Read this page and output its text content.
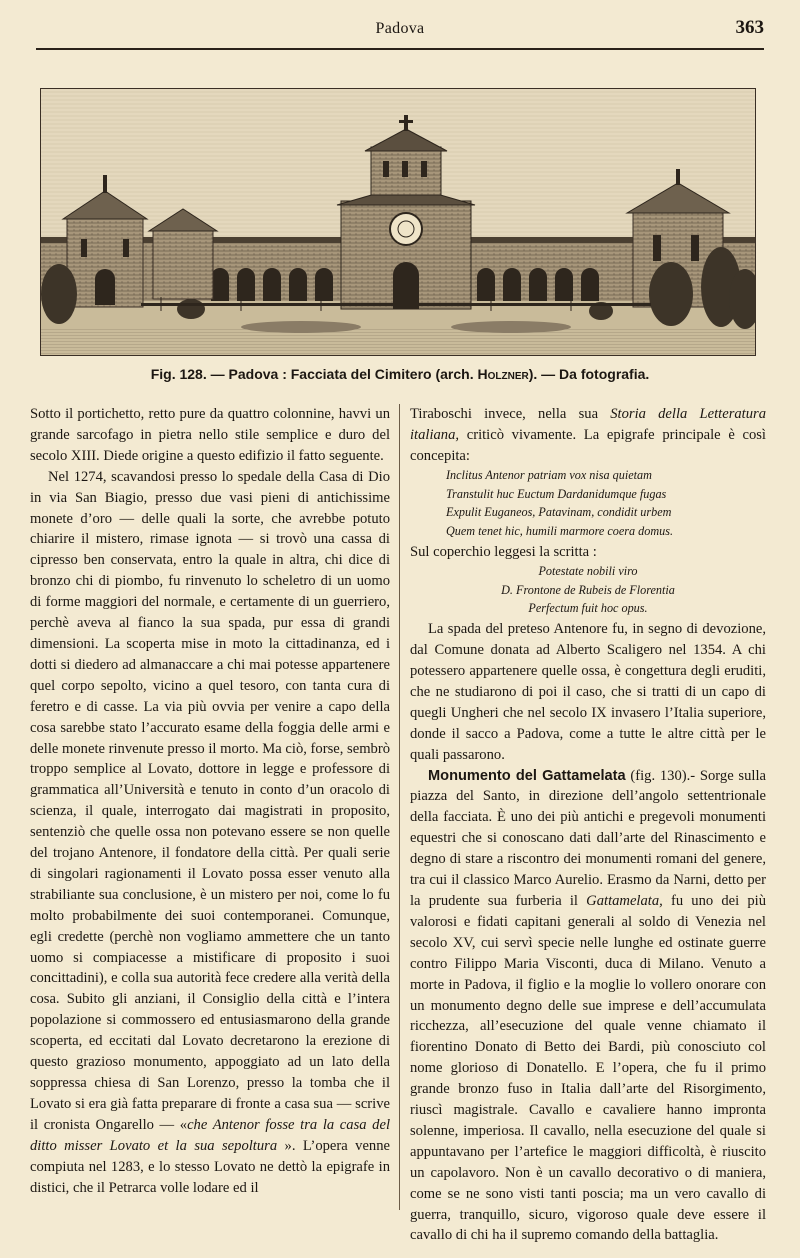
Padova	363
Fig. 128. — Padova : Facciata del Cimitero (arch. Holzner). — Da fotografia.

Sotto il portichetto, retto pure da quattro colonnine, havvi un grande sarcofago in pietra nello stile semplice e duro del secolo XIII. Diede origine a questo edifizio il fatto seguente.

Nel 1274, scavandosi presso lo spedale della Casa di Dio in via San Biagio, presso due vasi pieni di antichissime monete d’oro — delle quali la sorte, che avrebbe potuto chiarire il mistero, rimase ignota — si trovò una cassa di cipresso ben conservata, entro la quale in altra, chi dice di bronzo chi di piombo, fu rinvenuto lo scheletro di un uomo di forme maggiori del normale, e certamente di un guerriero, perchè aveva al fianco la sua spada, pur essa di grandi dimensioni. La scoperta mise in moto la cittadinanza, ed i dotti si diedero ad almanaccare a chi mai potesse appartenere quel corpo sepolto, vicino a quel tesoro, con tanta cura di feretro e di casse. La via più ovvia per venire a capo della cosa sarebbe stato l’accurato esame della foggia delle armi e delle monete rinvenute presso il morto. Ma ciò, forse, sembrò troppo semplice al Lovato, dottore in legge e professore di grammatica all’Università e tenuto in conto d’un oracolo di scienza, il quale, interrogato dai magistrati in proposito, sentenziò che quelle ossa non potevano essere se non quelle del trojano Antenore, il fondatore della città. Per quali serie di singolari ragionamenti il Lovato possa esser venuto alla strabiliante sua conclusione, è un mistero per noi, come lo fu molto probabilmente dei suoi contemporanei. Comunque, egli credette (perchè non vogliamo ammettere che un tanto uomo si compiacesse a mistificare di proposito i suoi concittadini), e colla sua autorità fece credere alla verità della cosa. Subito gli anziani, il Consiglio della città e l’intera popolazione si commossero ed entusiasmarono della grande scoperta, ed eccitati dal Lovato decretarono la erezione di questo grazioso monumento, appoggiato ad un lato della soppressa chiesa di San Lorenzo, presso la tomba che il Lovato si era già fatta preparare di fronte a casa sua — scrive il cronista Ongarello — «che Antenor fosse tra la casa del ditto misser Lovato et la sua sepoltura ». L’opera venne compiuta nel 1283, e lo stesso Lovato ne dettò la epigrafe in distici, che il Petrarca volle lodare ed il

Tiraboschi invece, nella sua Storia della Letteratura italiana, criticò vivamente. La epigrafe principale è così concepita:

Inclitus Antenor patriam vox nisa quietam
Transtulit huc Euctum Dardanidumque fugas
Expulit Euganeos, Patavinam, condidit urbem
Quem tenet hic, humili marmore coera domus.

Sul coperchio leggesi la scritta :

Potestate nobili viro
D. Frontone de Rubeis de Florentia
Perfectum fuit hoc opus.

La spada del preteso Antenore fu, in segno di devozione, dal Comune donata ad Alberto Scaligero nel 1354. A chi potessero appartenere quelle ossa, è congettura degli eruditi, che ne studiarono di poi il caso, che si tratti di un capo di quegli Ungheri che nel secolo IX invasero l’Italia superiore, donde il sacco a Padova, come a tutte le altre città per le quali passarono.

Monumento del Gattamelata (fig. 130).- Sorge sulla piazza del Santo, in direzione dell’angolo settentrionale della facciata. È uno dei più antichi e pregevoli monumenti equestri che si conoscano dati dall’arte del Rinascimento e degno di stare a riscontro dei monumenti romani del genere, tra cui il classico Marco Aurelio. Erasmo da Narni, detto per la prudente sua furberia il Gattamelata, fu uno dei più valorosi e fidati capitani generali al soldo di Venezia nel secolo XV, cui servì specie nelle lunghe ed ostinate guerre contro Filippo Maria Visconti, duca di Milano. Venuto a morte in Padova, il figlio e la moglie lo vollero onorare con un monumento degno delle sue imprese e dell’accumulata ricchezza, all’esecuzione del quale venne chiamato il fiorentino Donato di Betto dei Bardi, più conosciuto col nome glorioso di Donatello. E l’opera, che fu il primo grande bronzo fuso in Italia dall’arte del Risorgimento, riuscì magistrale. Cavallo e cavaliere hanno impronta solenne, imperiosa. Il cavallo, nella esecuzione del quale si appuntavano per l’artefice le maggiori difficoltà, è riuscito un capolavoro. Non è un cavallo decorativo o di maniera, come se ne sono visti tanti poscia; ma un vero cavallo di guerra, tranquillo, sicuro, vigoroso quale deve essere il cavallo di chi ha il supremo comando della battaglia.
